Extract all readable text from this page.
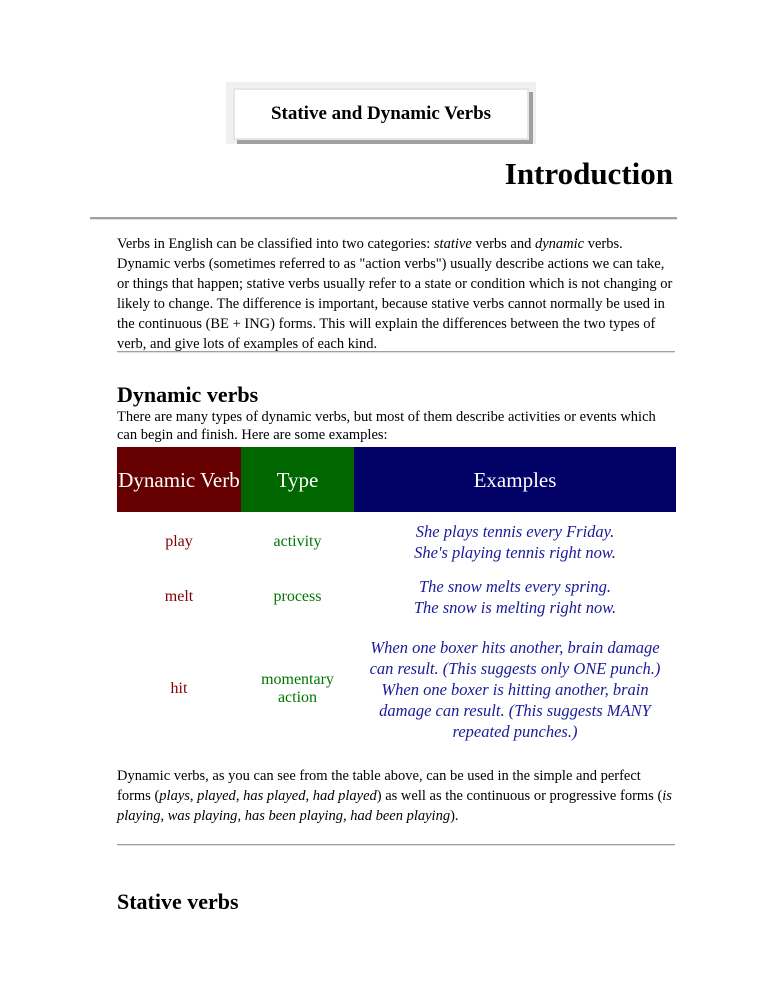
Stative and Dynamic Verbs
Introduction

Verbs in English can be classified into two categories: stative verbs and dynamic verbs. Dynamic verbs (sometimes referred to as "action verbs") usually describe actions we can take, or things that happen; stative verbs usually refer to a state or condition which is not changing or likely to change. The difference is important, because stative verbs cannot normally be used in the continuous (BE + ING) forms. This will explain the differences between the two types of verb, and give lots of examples of each kind.

Dynamic verbs

There are many types of dynamic verbs, but most of them describe activities or events which can begin and finish. Here are some examples:

Dynamic Verb	Type	Examples
play	activity	She plays tennis every Friday.
She's playing tennis right now.

melt	process	The snow melts every spring.
The snow is melting right now.

hit	momentary action	When one boxer hits another, brain damage can result. (This suggests only ONE punch.)
When one boxer is hitting another, brain damage can result. (This suggests MANY repeated punches.)

Dynamic verbs, as you can see from the table above, can be used in the simple and perfect forms (plays, played, has played, had played) as well as the continuous or progressive forms (is playing, was playing, has been playing, had been playing).

Stative verbs
